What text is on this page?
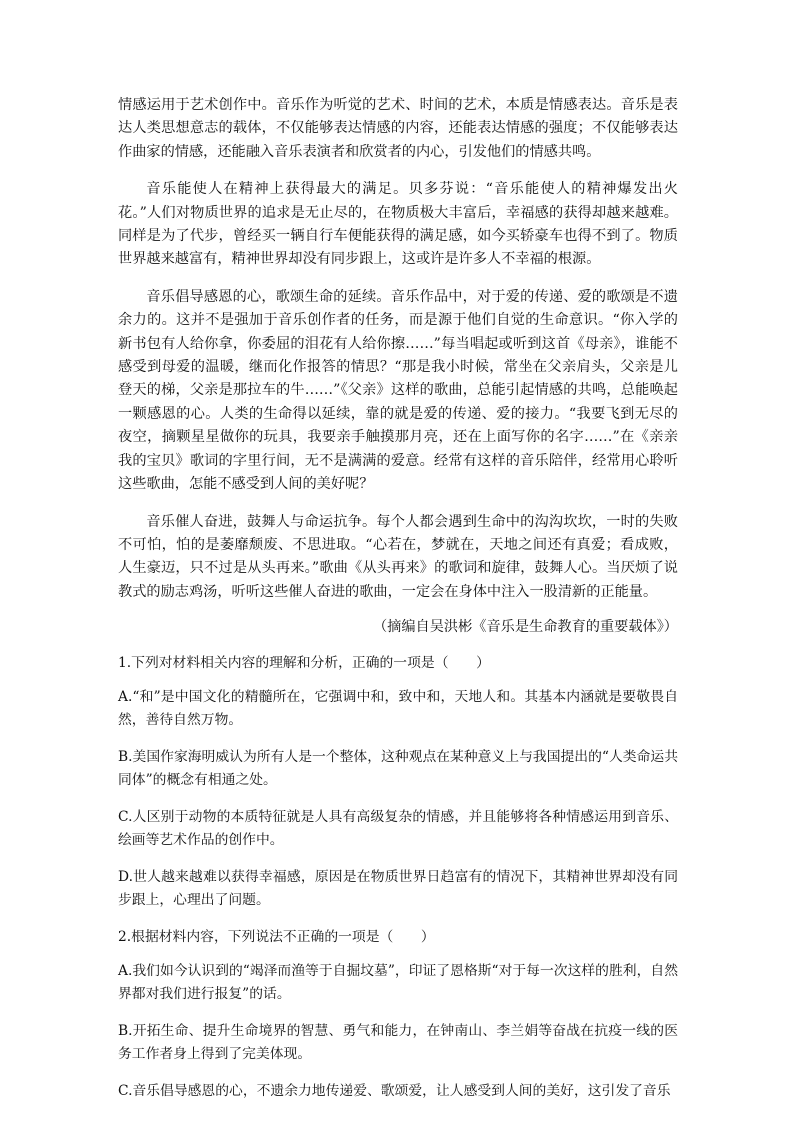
情感运用于艺术创作中。音乐作为听觉的艺术、时间的艺术，本质是情感表达。音乐是表达人类思想意志的载体，不仅能够表达情感的内容，还能表达情感的强度；不仅能够表达作曲家的情感，还能融入音乐表演者和欣赏者的内心，引发他们的情感共鸣。

音乐能使人在精神上获得最大的满足。贝多芬说：“音乐能使人的精神爆发出火花。”人们对物质世界的追求是无止尽的，在物质极大丰富后，幸福感的获得却越来越难。同样是为了代步，曾经买一辆自行车便能获得的满足感，如今买轿豪车也得不到了。物质世界越来越富有，精神世界却没有同步跟上，这或许是许多人不幸福的根源。

音乐倡导感恩的心，歌颂生命的延续。音乐作品中，对于爱的传递、爱的歌颂是不遗余力的。这并不是强加于音乐创作者的任务，而是源于他们自觉的生命意识。“你入学的新书包有人给你拿，你委屈的泪花有人给你擦……”每当唱起或听到这首《母亲》，谁能不感受到母爱的温暖，继而化作报答的情思？“那是我小时候，常坐在父亲肩头，父亲是儿登天的梯，父亲是那拉车的牛……”《父亲》这样的歌曲，总能引起情感的共鸣，总能唤起一颗感恩的心。人类的生命得以延续，靠的就是爱的传递、爱的接力。“我要飞到无尽的夜空，摘颗星星做你的玩具，我要亲手触摸那月亮，还在上面写你的名字……”在《亲亲我的宝贝》歌词的字里行间，无不是满满的爱意。经常有这样的音乐陪伴，经常用心聆听这些歌曲，怎能不感受到人间的美好呢？

音乐催人奋进，鼓舞人与命运抗争。每个人都会遇到生命中的沟沟坎坎，一时的失败不可怕，怕的是萎靡颓废、不思进取。“心若在，梦就在，天地之间还有真爱；看成败，人生豪迈，只不过是从头再来。”歌曲《从头再来》的歌词和旋律，鼓舞人心。当厌烦了说教式的励志鸡汤，听听这些催人奋进的歌曲，一定会在身体中注入一股清新的正能量。

（摘编自吴洪彬《音乐是生命教育的重要载体》）

1.下列对材料相关内容的理解和分析，正确的一项是（　　）

A.“和”是中国文化的精髓所在，它强调中和，致中和，天地人和。其基本内涵就是要敬畏自然，善待自然万物。

B.美国作家海明威认为所有人是一个整体，这种观点在某种意义上与我国提出的“人类命运共同体”的概念有相通之处。

C.人区别于动物的本质特征就是人具有高级复杂的情感，并且能够将各种情感运用到音乐、绘画等艺术作品的创作中。

D.世人越来越难以获得幸福感，原因是在物质世界日趋富有的情况下，其精神世界却没有同步跟上，心理出了问题。

2.根据材料内容，下列说法不正确的一项是（　　）

A.我们如今认识到的“竭泽而渔等于自掘坟墓”，印证了恩格斯“对于每一次这样的胜利，自然界都对我们进行报复”的话。

B.开拓生命、提升生命境界的智慧、勇气和能力，在钟南山、李兰娟等奋战在抗疫一线的医务工作者身上得到了完美体现。

C.音乐倡导感恩的心，不遗余力地传递爱、歌颂爱，让人感受到人间的美好，这引发了音乐
